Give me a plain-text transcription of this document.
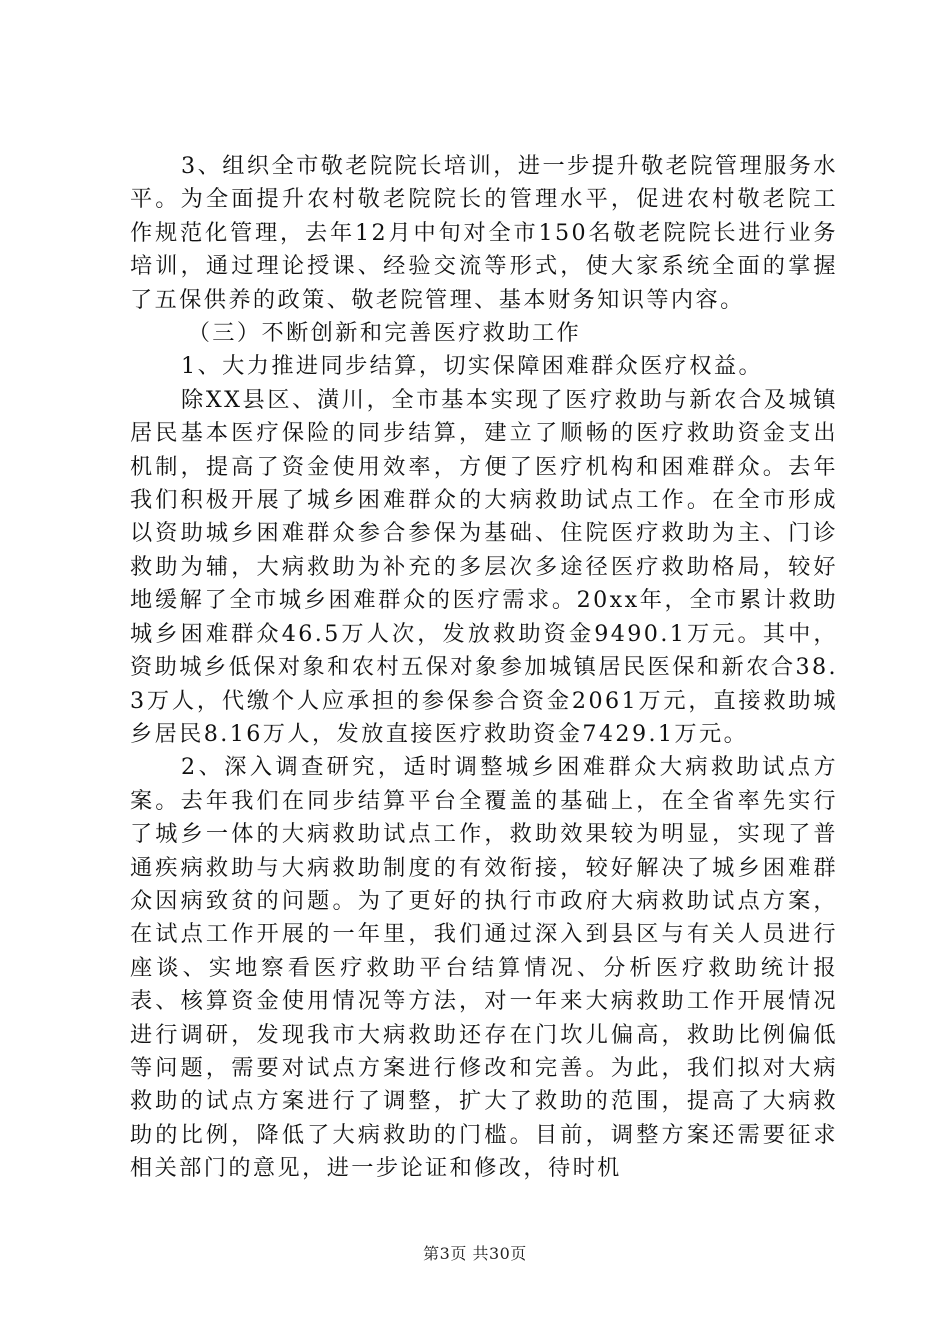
3、组织全市敬老院院长培训，进一步提升敬老院管理服务水平。为全面提升农村敬老院院长的管理水平，促进农村敬老院工作规范化管理，去年12月中旬对全市150名敬老院院长进行业务培训，通过理论授课、经验交流等形式，使大家系统全面的掌握了五保供养的政策、敬老院管理、基本财务知识等内容。

（三）不断创新和完善医疗救助工作

1、大力推进同步结算，切实保障困难群众医疗权益。

除XX县区、潢川，全市基本实现了医疗救助与新农合及城镇居民基本医疗保险的同步结算，建立了顺畅的医疗救助资金支出机制，提高了资金使用效率，方便了医疗机构和困难群众。去年我们积极开展了城乡困难群众的大病救助试点工作。在全市形成以资助城乡困难群众参合参保为基础、住院医疗救助为主、门诊救助为辅，大病救助为补充的多层次多途径医疗救助格局，较好地缓解了全市城乡困难群众的医疗需求。20xx年，全市累计救助城乡困难群众46.5万人次，发放救助资金9490.1万元。其中，资助城乡低保对象和农村五保对象参加城镇居民医保和新农合38.3万人，代缴个人应承担的参保参合资金2061万元，直接救助城乡居民8.16万人，发放直接医疗救助资金7429.1万元。

2、深入调查研究，适时调整城乡困难群众大病救助试点方案。去年我们在同步结算平台全覆盖的基础上，在全省率先实行了城乡一体的大病救助试点工作，救助效果较为明显，实现了普通疾病救助与大病救助制度的有效衔接，较好解决了城乡困难群众因病致贫的问题。为了更好的执行市政府大病救助试点方案，在试点工作开展的一年里，我们通过深入到县区与有关人员进行座谈、实地察看医疗救助平台结算情况、分析医疗救助统计报表、核算资金使用情况等方法，对一年来大病救助工作开展情况进行调研，发现我市大病救助还存在门坎儿偏高，救助比例偏低等问题，需要对试点方案进行修改和完善。为此，我们拟对大病救助的试点方案进行了调整，扩大了救助的范围，提高了大病救助的比例，降低了大病救助的门槛。目前，调整方案还需要征求相关部门的意见，进一步论证和修改，待时机

第3页 共30页
